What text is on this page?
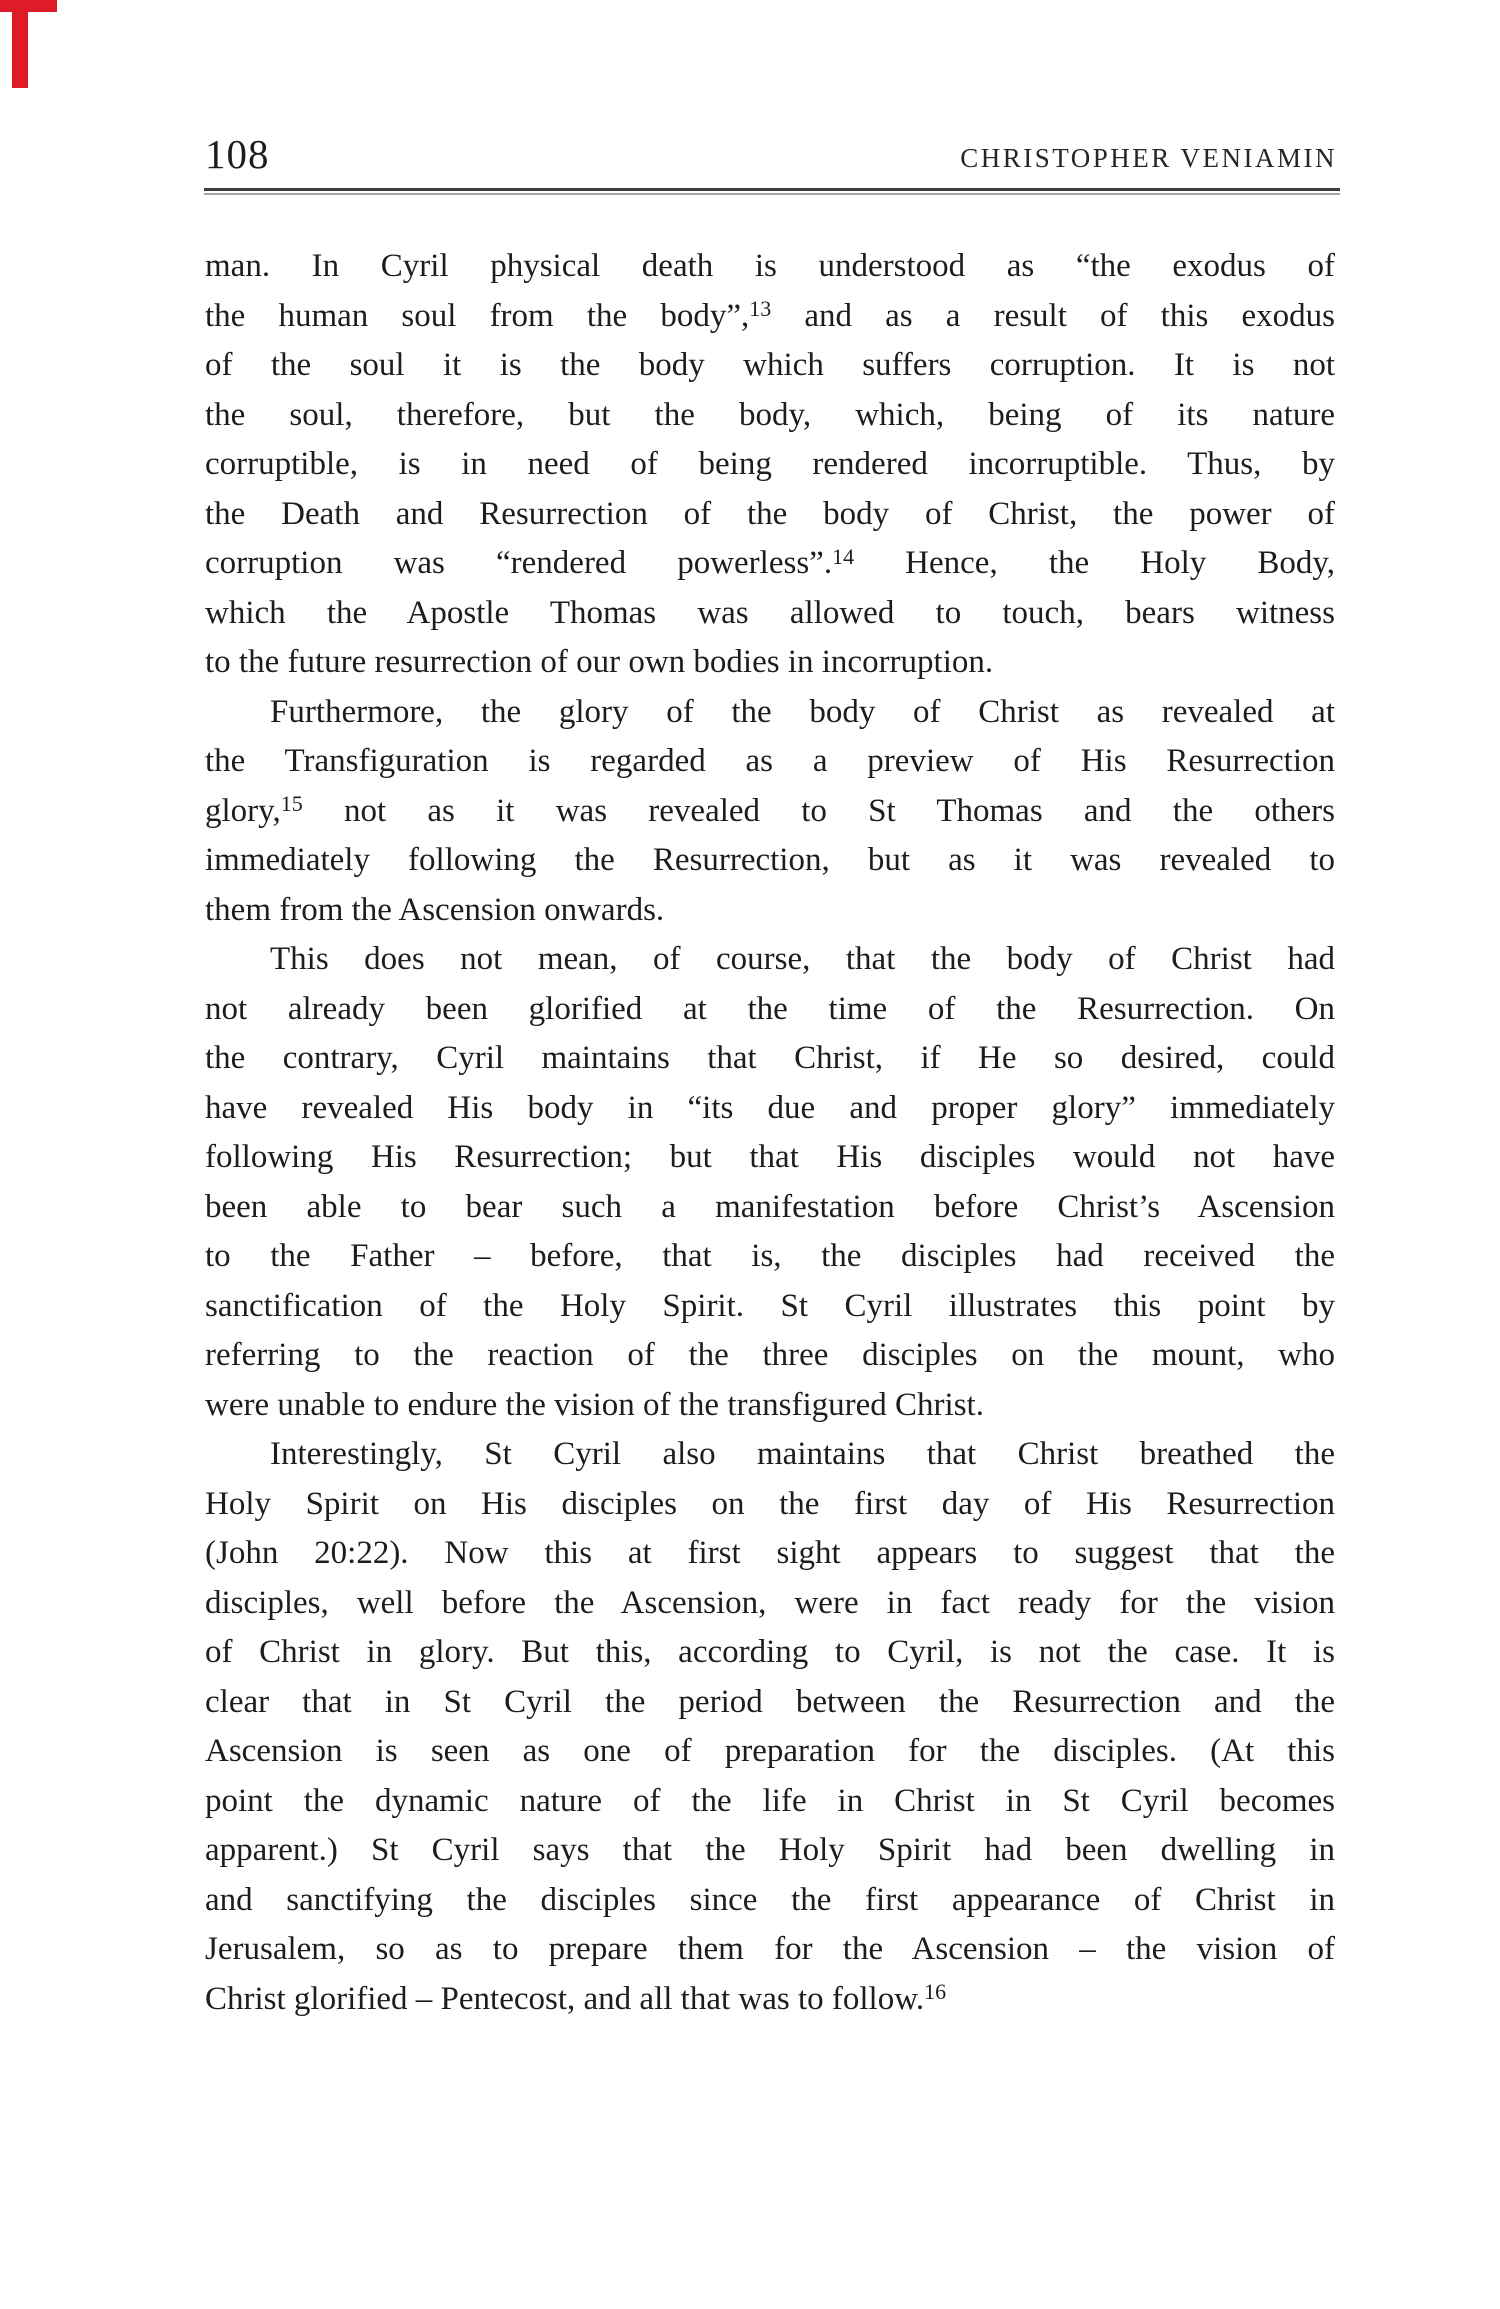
108	CHRISTOPHER VENIAMIN
man. In Cyril physical death is understood as “the exodus of
the human soul from the body”,$^{13}$ and as a result of this exodus
of the soul it is the body which suffers corruption. It is not
the soul, therefore, but the body, which, being of its nature
corruptible, is in need of being rendered incorruptible. Thus, by
the Death and Resurrection of the body of Christ, the power of
corruption was “rendered powerless”.$^{14}$ Hence, the Holy Body,
which the Apostle Thomas was allowed to touch, bears witness
to the future resurrection of our own bodies in incorruption.
Furthermore, the glory of the body of Christ as revealed at
the Transfiguration is regarded as a preview of His Resurrection
glory,$^{15}$ not as it was revealed to St Thomas and the others
immediately following the Resurrection, but as it was revealed to
them from the Ascension onwards.
This does not mean, of course, that the body of Christ had
not already been glorified at the time of the Resurrection. On
the contrary, Cyril maintains that Christ, if He so desired, could
have revealed His body in “its due and proper glory” immediately
following His Resurrection; but that His disciples would not have
been able to bear such a manifestation before Christ’s Ascension
to the Father – before, that is, the disciples had received the
sanctification of the Holy Spirit. St Cyril illustrates this point by
referring to the reaction of the three disciples on the mount, who
were unable to endure the vision of the transfigured Christ.
Interestingly, St Cyril also maintains that Christ breathed the
Holy Spirit on His disciples on the first day of His Resurrection
(John 20:22). Now this at first sight appears to suggest that the
disciples, well before the Ascension, were in fact ready for the vision
of Christ in glory. But this, according to Cyril, is not the case. It is
clear that in St Cyril the period between the Resurrection and the
Ascension is seen as one of preparation for the disciples. (At this
point the dynamic nature of the life in Christ in St Cyril becomes
apparent.) St Cyril says that the Holy Spirit had been dwelling in
and sanctifying the disciples since the first appearance of Christ in
Jerusalem, so as to prepare them for the Ascension – the vision of
Christ glorified – Pentecost, and all that was to follow.$^{16}$
